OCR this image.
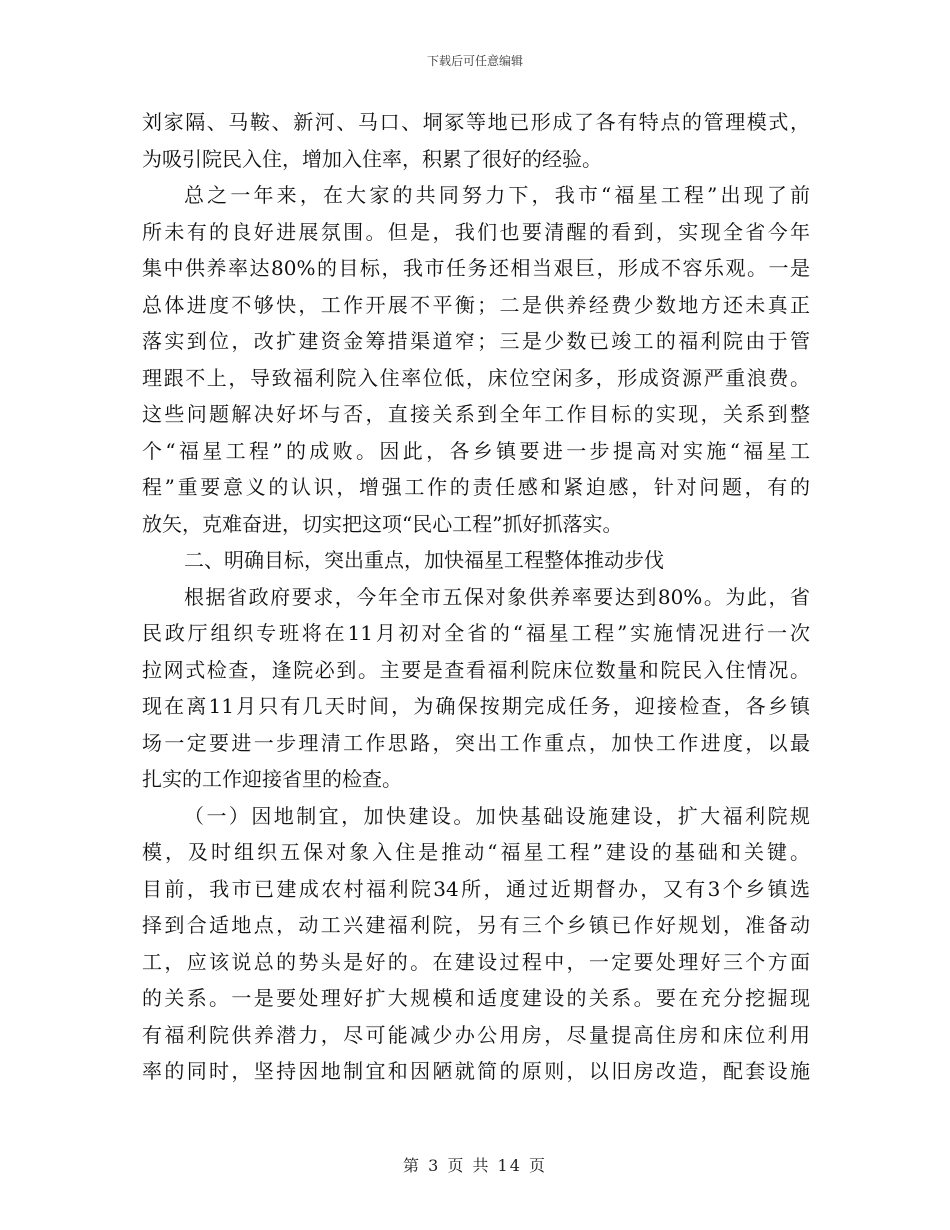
下载后可任意编辑
刘家隔、马鞍、新河、马口、垌冢等地已形成了各有特点的管理模式，
为吸引院民入住，增加入住率，积累了很好的经验。
总之一年来，在大家的共同努力下，我市“福星工程”出现了前
所未有的良好进展氛围。但是，我们也要清醒的看到，实现全省今年
集中供养率达80%的目标，我市任务还相当艰巨，形成不容乐观。一是
总体进度不够快，工作开展不平衡；二是供养经费少数地方还未真正
落实到位，改扩建资金筹措渠道窄；三是少数已竣工的福利院由于管
理跟不上，导致福利院入住率位低，床位空闲多，形成资源严重浪费。
这些问题解决好坏与否，直接关系到全年工作目标的实现，关系到整
个“福星工程”的成败。因此，各乡镇要进一步提高对实施“福星工
程”重要意义的认识，增强工作的责任感和紧迫感，针对问题，有的
放矢，克难奋进，切实把这项“民心工程”抓好抓落实。
二、明确目标，突出重点，加快福星工程整体推动步伐
根据省政府要求，今年全市五保对象供养率要达到80%。为此，省
民政厅组织专班将在11月初对全省的“福星工程”实施情况进行一次
拉网式检查，逢院必到。主要是查看福利院床位数量和院民入住情况。
现在离11月只有几天时间，为确保按期完成任务，迎接检查，各乡镇
场一定要进一步理清工作思路，突出工作重点，加快工作进度，以最
扎实的工作迎接省里的检查。
（一）因地制宜，加快建设。加快基础设施建设，扩大福利院规
模，及时组织五保对象入住是推动“福星工程”建设的基础和关键。
目前，我市已建成农村福利院34所，通过近期督办，又有3个乡镇选
择到合适地点，动工兴建福利院，另有三个乡镇已作好规划，准备动
工，应该说总的势头是好的。在建设过程中，一定要处理好三个方面
的关系。一是要处理好扩大规模和适度建设的关系。要在充分挖掘现
有福利院供养潜力，尽可能减少办公用房，尽量提高住房和床位利用
率的同时，坚持因地制宜和因陋就简的原则，以旧房改造，配套设施
第 3 页 共 14 页
